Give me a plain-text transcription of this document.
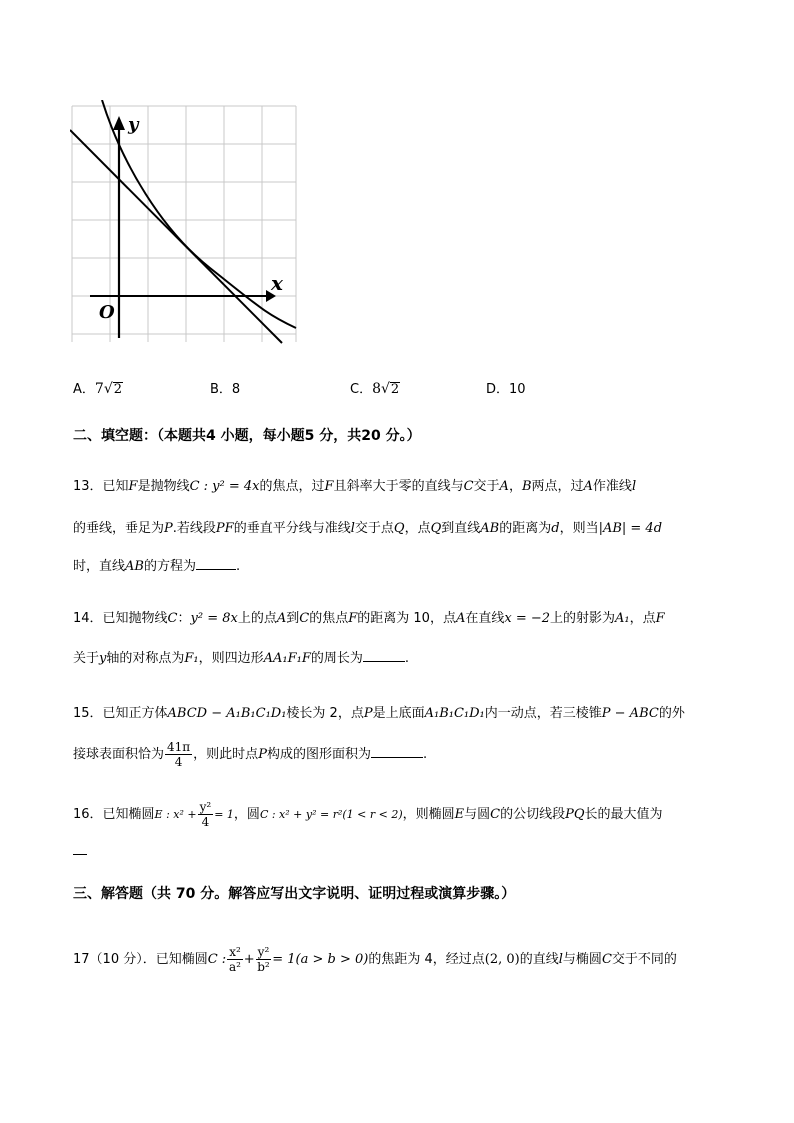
y
x
O
A．7√2	B．8	C．8√2	D．10
二、填空题：（本题共4 小题，每小题5 分，共20 分。）
13．已知F是抛物线C : y² = 4x的焦点，过F且斜率大于零的直线与C交于A，B两点，过A作准线l
的垂线，垂足为P.若线段PF的垂直平分线与准线l交于点Q，点Q到直线AB的距离为d，则当|AB| = 4d
时，直线AB的方程为	.
14．已知抛物线C：y² = 8x上的点A到C的焦点F的距离为 10，点A在直线x = −2上的射影为A₁，点F
关于y轴的对称点为F₁，则四边形AA₁F₁F的周长为	.
15．已知正方体ABCD − A₁B₁C₁D₁棱长为 2，点P是上底面A₁B₁C₁D₁内一动点，若三棱锥P − ABC的外
接球表面积恰为 $\frac{41\pi}{4}$ ，则此时点P构成的图形面积为	.
16．已知椭圆E : $x^2 + \frac{\text{y²}}{4} = 1$，圆C : x² + y² = r²(1 < r < 2)，则椭圆E与圆C的公切线段PQ长的最大值为
三、解答题（共 70 分。解答应写出文字说明、证明过程或演算步骤。）
17（10 分）．已知椭圆C : $\frac{\text{x²}}{\text{a²}} + \frac{\text{y²}}{\text{b²}} = 1(a > b > 0)$的焦距为 4，经过点(2, 0)的直线l与椭圆C交于不同的
